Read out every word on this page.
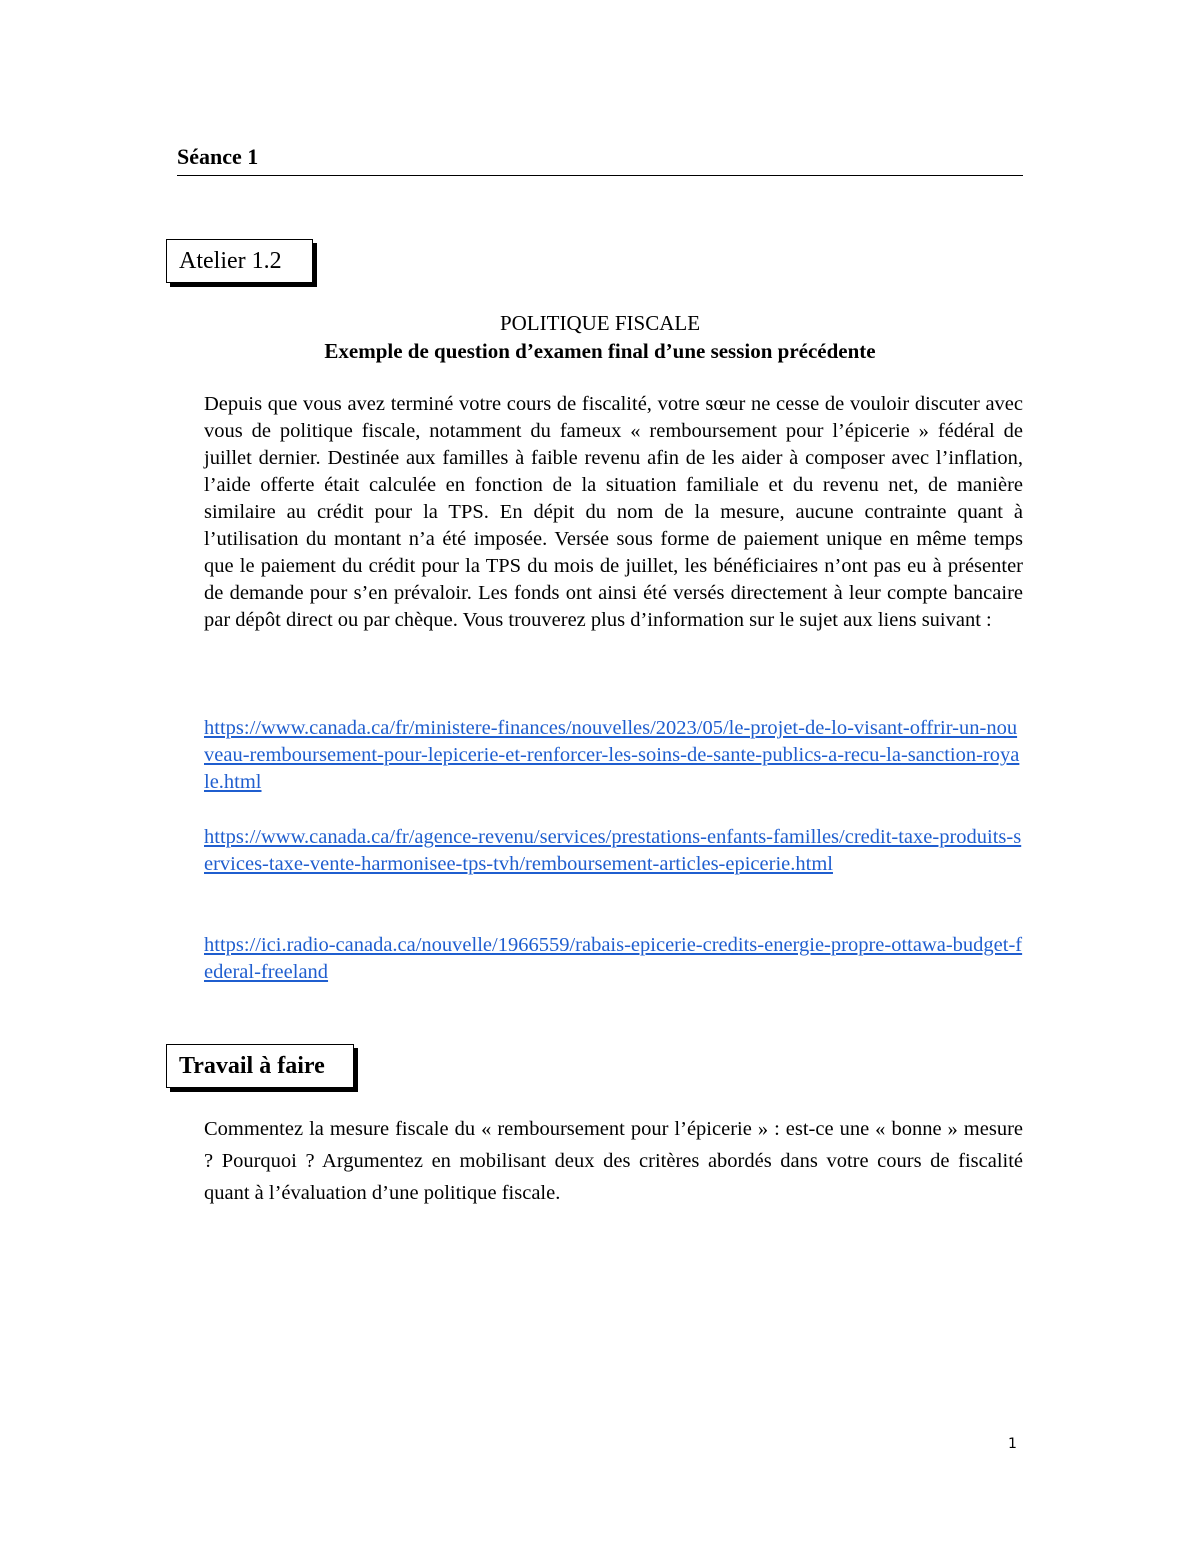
Séance 1
Atelier 1.2
POLITIQUE FISCALE
Exemple de question d’examen final d’une session précédente
Depuis que vous avez terminé votre cours de fiscalité, votre sœur ne cesse de vouloir discuter avec vous de politique fiscale, notamment du fameux « remboursement pour l’épicerie » fédéral de juillet dernier. Destinée aux familles à faible revenu afin de les aider à composer avec l’inflation, l’aide offerte était calculée en fonction de la situation familiale et du revenu net, de manière similaire au crédit pour la TPS. En dépit du nom de la mesure, aucune contrainte quant à l’utilisation du montant n’a été imposée. Versée sous forme de paiement unique en même temps que le paiement du crédit pour la TPS du mois de juillet, les bénéficiaires n’ont pas eu à présenter de demande pour s’en prévaloir. Les fonds ont ainsi été versés directement à leur compte bancaire par dépôt direct ou par chèque. Vous trouverez plus d’information sur le sujet aux liens suivant :
https://www.canada.ca/fr/ministere-finances/nouvelles/2023/05/le-projet-de-lo-visant-offrir-un-nouveau-remboursement-pour-lepicerie-et-renforcer-les-soins-de-sante-publics-a-recu-la-sanction-royale.html
https://www.canada.ca/fr/agence-revenu/services/prestations-enfants-familles/credit-taxe-produits-services-taxe-vente-harmonisee-tps-tvh/remboursement-articles-epicerie.html
https://ici.radio-canada.ca/nouvelle/1966559/rabais-epicerie-credits-energie-propre-ottawa-budget-federal-freeland
Travail à faire
Commentez la mesure fiscale du « remboursement pour l’épicerie » : est-ce une « bonne » mesure ? Pourquoi ? Argumentez en mobilisant deux des critères abordés dans votre cours de fiscalité quant à l’évaluation d’une politique fiscale.
1
